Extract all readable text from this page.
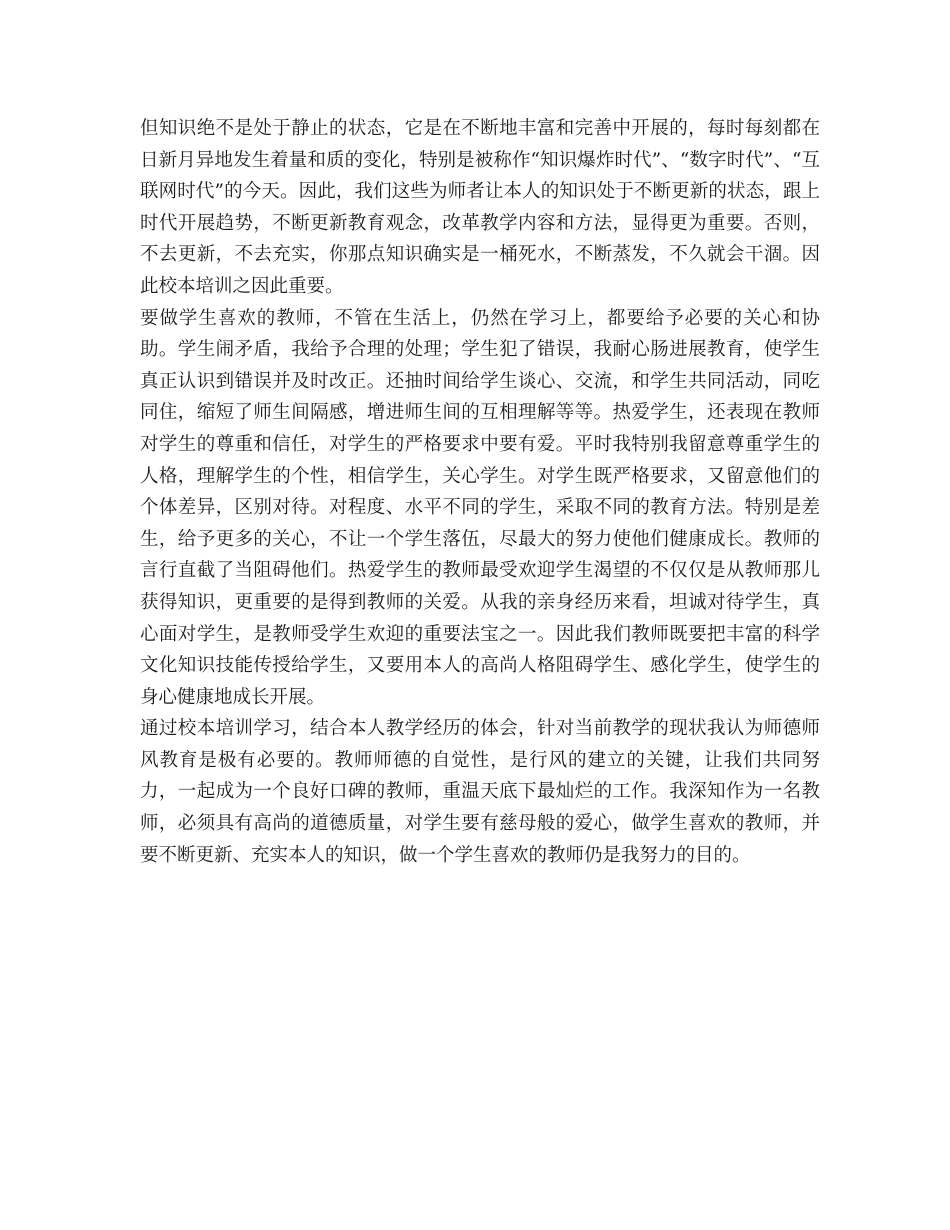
但知识绝不是处于静止的状态，它是在不断地丰富和完善中开展的，每时每刻都在日新月异地发生着量和质的变化，特别是被称作“知识爆炸时代”、“数字时代”、“互联网时代”的今天。因此，我们这些为师者让本人的知识处于不断更新的状态，跟上时代开展趋势，不断更新教育观念，改革教学内容和方法，显得更为重要。否则，不去更新，不去充实，你那点知识确实是一桶死水，不断蒸发，不久就会干涸。因此校本培训之因此重要。

要做学生喜欢的教师，不管在生活上，仍然在学习上，都要给予必要的关心和协助。学生闹矛盾，我给予合理的处理；学生犯了错误，我耐心肠进展教育，使学生真正认识到错误并及时改正。还抽时间给学生谈心、交流，和学生共同活动，同吃同住，缩短了师生间隔感，增进师生间的互相理解等等。热爱学生，还表现在教师对学生的尊重和信任，对学生的严格要求中要有爱。平时我特别我留意尊重学生的人格，理解学生的个性，相信学生，关心学生。对学生既严格要求，又留意他们的个体差异，区别对待。对程度、水平不同的学生，采取不同的教育方法。特别是差生，给予更多的关心，不让一个学生落伍，尽最大的努力使他们健康成长。教师的言行直截了当阻碍他们。热爱学生的教师最受欢迎学生渴望的不仅仅是从教师那儿获得知识，更重要的是得到教师的关爱。从我的亲身经历来看，坦诚对待学生，真心面对学生，是教师受学生欢迎的重要法宝之一。因此我们教师既要把丰富的科学文化知识技能传授给学生，又要用本人的高尚人格阻碍学生、感化学生，使学生的身心健康地成长开展。

通过校本培训学习，结合本人教学经历的体会，针对当前教学的现状我认为师德师风教育是极有必要的。教师师德的自觉性，是行风的建立的关键，让我们共同努力，一起成为一个良好口碑的教师，重温天底下最灿烂的工作。我深知作为一名教师，必须具有高尚的道德质量，对学生要有慈母般的爱心，做学生喜欢的教师，并要不断更新、充实本人的知识，做一个学生喜欢的教师仍是我努力的目的。
